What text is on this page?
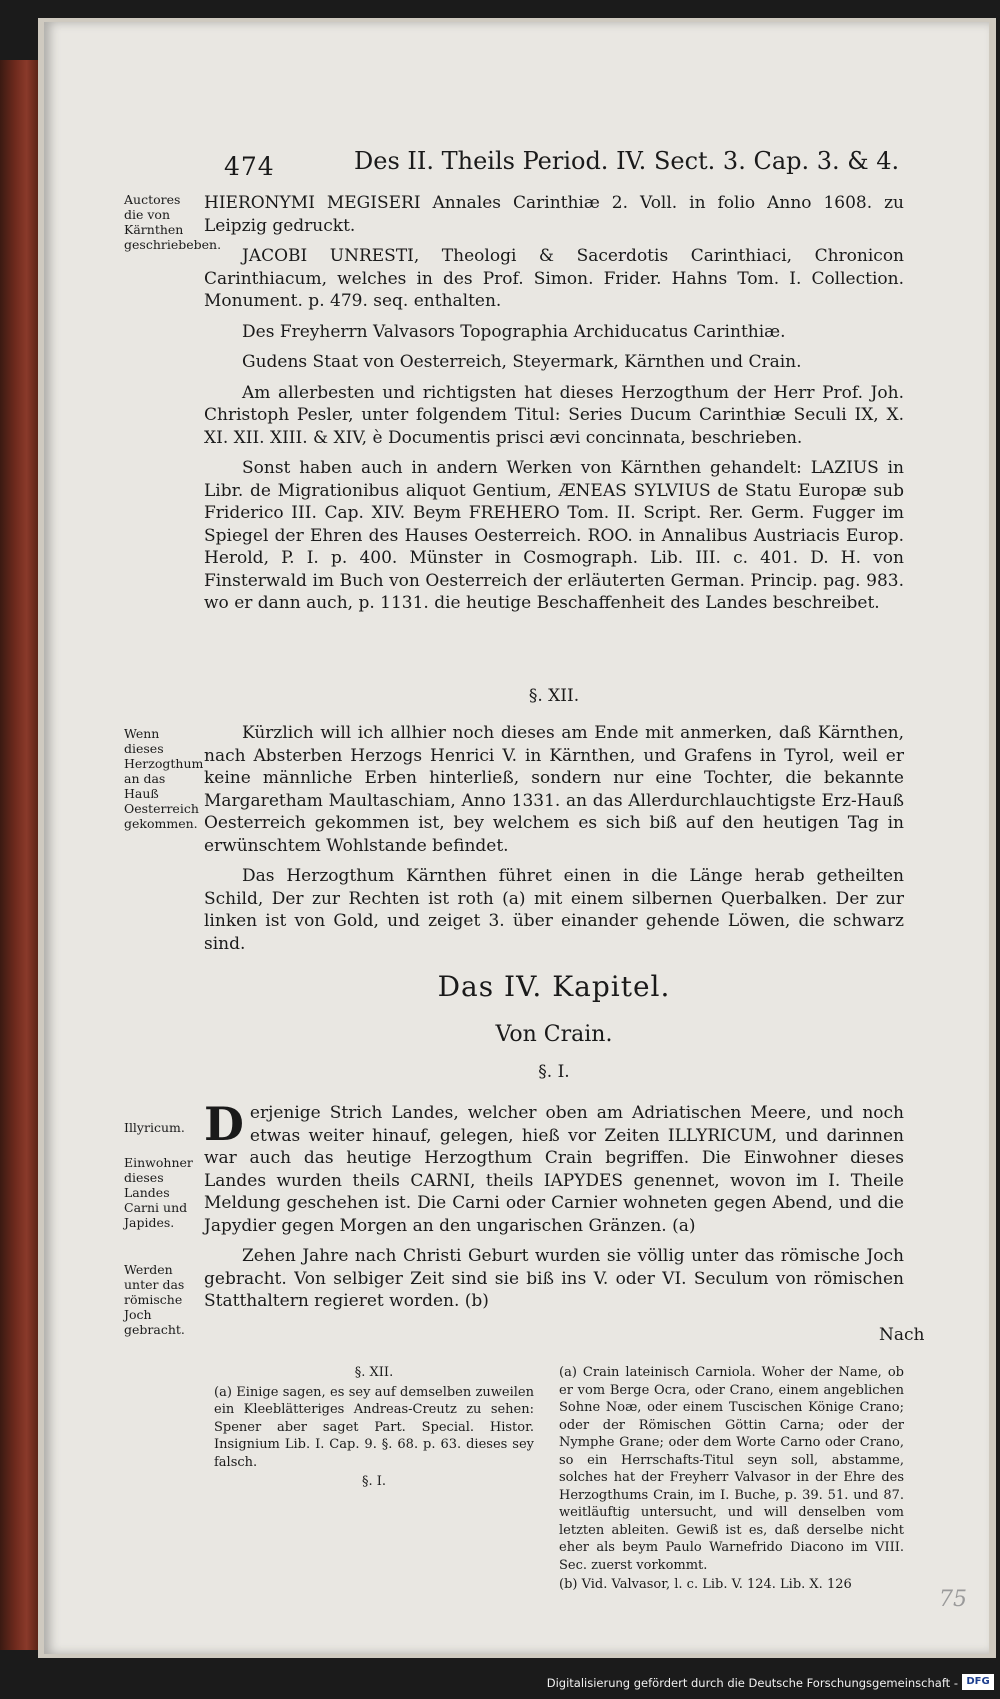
474	Des II. Theils Period. IV. Sect. 3. Cap. 3. & 4.
Auctores die von Kärnthen geschriebeben.
Wenn dieses Herzogthum an das Hauß Oesterreich gekommen.
Illyricum.
Einwohner dieses Landes Carni und Japides.
Werden unter das römische Joch gebracht.

HIERONYMI MEGISERI Annales Carinthiæ 2. Voll. in folio Anno 1608. zu Leipzig gedruckt.

JACOBI UNRESTI, Theologi & Sacerdotis Carinthiaci, Chronicon Carinthiacum, welches in des Prof. Simon. Frider. Hahns Tom. I. Collection. Monument. p. 479. seq. enthalten.

Des Freyherrn Valvasors Topographia Archiducatus Carinthiæ.

Gudens Staat von Oesterreich, Steyermark, Kärnthen und Crain.

Am allerbesten und richtigsten hat dieses Herzogthum der Herr Prof. Joh. Christoph Pesler, unter folgendem Titul: Series Ducum Carinthiæ Seculi IX, X. XI. XII. XIII. & XIV, è Documentis prisci ævi concinnata, beschrieben.

Sonst haben auch in andern Werken von Kärnthen gehandelt: LAZIUS in Libr. de Migrationibus aliquot Gentium, ÆNEAS SYLVIUS de Statu Europæ sub Friderico III. Cap. XIV. Beym FREHERO Tom. II. Script. Rer. Germ. Fugger im Spiegel der Ehren des Hauses Oesterreich. ROO. in Annalibus Austriacis Europ. Herold, P. I. p. 400. Münster in Cosmograph. Lib. III. c. 401. D. H. von Finsterwald im Buch von Oesterreich der erläuterten German. Princip. pag. 983. wo er dann auch, p. 1131. die heutige Beschaffenheit des Landes beschreibet.

§. XII.

Kürzlich will ich allhier noch dieses am Ende mit anmerken, daß Kärnthen, nach Absterben Herzogs Henrici V. in Kärnthen, und Grafens in Tyrol, weil er keine männliche Erben hinterließ, sondern nur eine Tochter, die bekannte Margaretham Maultaschiam, Anno 1331. an das Allerdurchlauchtigste Erz-Hauß Oesterreich gekommen ist, bey welchem es sich biß auf den heutigen Tag in erwünschtem Wohlstande befindet.

Das Herzogthum Kärnthen führet einen in die Länge herab getheilten Schild, Der zur Rechten ist roth (a) mit einem silbernen Querbalken. Der zur linken ist von Gold, und zeiget 3. über einander gehende Löwen, die schwarz sind.

Das IV. Kapitel.
Von Crain.
§. I.

Derjenige Strich Landes, welcher oben am Adriatischen Meere, und noch etwas weiter hinauf, gelegen, hieß vor Zeiten ILLYRICUM, und darinnen war auch das heutige Herzogthum Crain begriffen. Die Einwohner dieses Landes wurden theils CARNI, theils IAPYDES genennet, wovon im I. Theile Meldung geschehen ist. Die Carni oder Carnier wohneten gegen Abend, und die Japydier gegen Morgen an den ungarischen Gränzen. (a)

Zehen Jahre nach Christi Geburt wurden sie völlig unter das römische Joch gebracht. Von selbiger Zeit sind sie biß ins V. oder VI. Seculum von römischen Statthaltern regieret worden. (b)

Nach

§. XII.

(a) Einige sagen, es sey auf demselben zuweilen ein Kleeblätteriges Andreas-Creutz zu sehen: Spener aber saget Part. Special. Histor. Insignium Lib. I. Cap. 9. §. 68. p. 63. dieses sey falsch.

§. I.

(a) Crain lateinisch Carniola. Woher der Name, ob er vom Berge Ocra, oder Crano, einem angeblichen Sohne Noæ, oder einem Tuscischen Könige Crano; oder der Römischen Göttin Carna; oder der Nymphe Grane; oder dem Worte Carno oder Crano, so ein Herrschafts-Titul seyn soll, abstamme, solches hat der Freyherr Valvasor in der Ehre des Herzogthums Crain, im I. Buche, p. 39. 51. und 87. weitläuftig untersucht, und will denselben vom letzten ableiten. Gewiß ist es, daß derselbe nicht eher als beym Paulo Warnefrido Diacono im VIII. Sec. zuerst vorkommt.

(b) Vid. Valvasor, l. c. Lib. V. 124. Lib. X. 126

75
Digitalisierung gefördert durch die Deutsche Forschungsgemeinschaft - DFG
